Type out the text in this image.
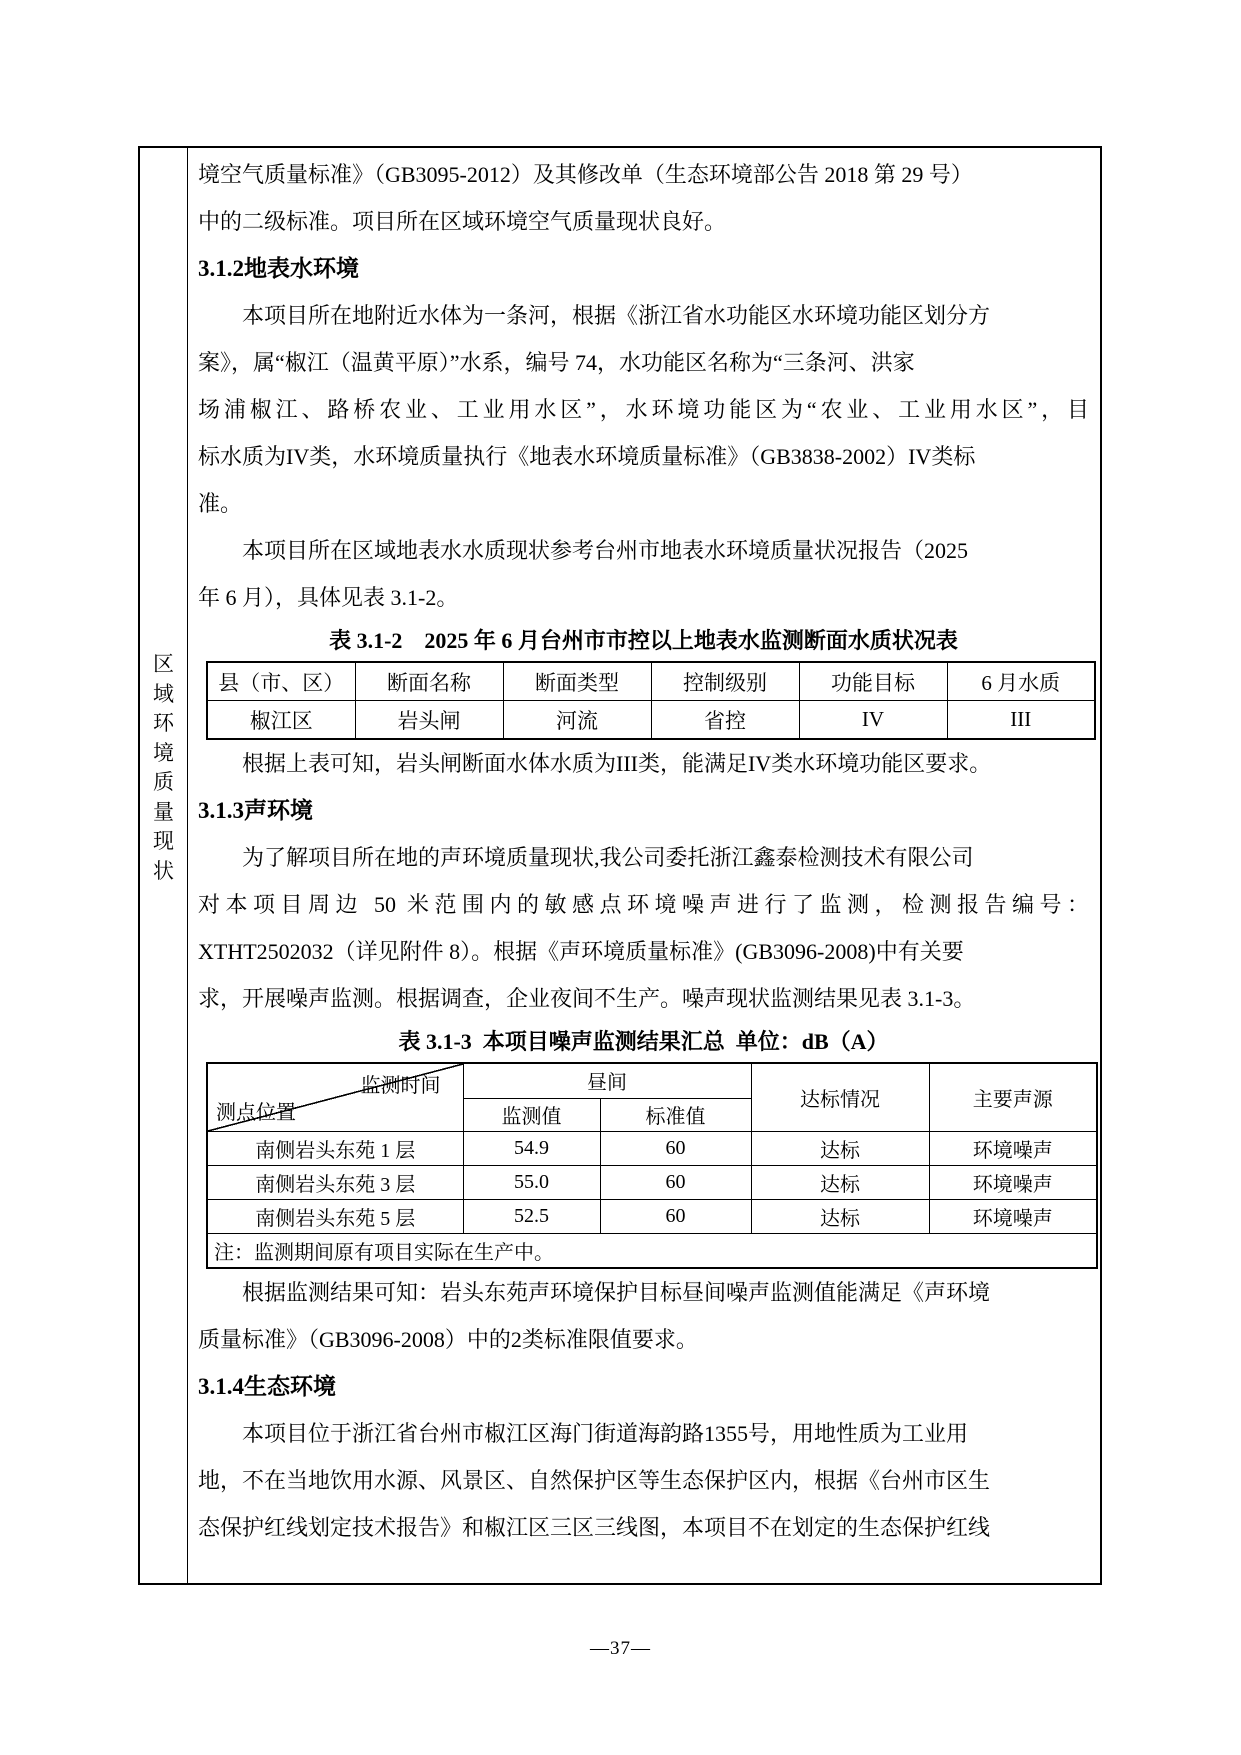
区域环境质量现状
境空气质量标准》（GB3095-2012）及其修改单（生态环境部公告 2018 第 29 号）
中的二级标准。项目所在区域环境空气质量现状良好。
3.1.2地表水环境
　　本项目所在地附近水体为一条河，根据《浙江省水功能区水环境功能区划分方
案》，属“椒江（温黄平原）”水系，编号 74，水功能区名称为“三条河、洪家
场浦椒江、路桥农业、工业用水区”，水环境功能区为“农业、工业用水区”，目
标水质为IV类，水环境质量执行《地表水环境质量标准》（GB3838-2002）IV类标
准。
　　本项目所在区域地表水水质现状参考台州市地表水环境质量状况报告（2025
年 6 月），具体见表 3.1-2。
表 3.1-2　2025 年 6 月台州市市控以上地表水监测断面水质状况表
县（市、区）	断面名称	断面类型	控制级别	功能目标	6 月水质
椒江区	岩头闸	河流	省控	IV	III
　　根据上表可知，岩头闸断面水体水质为III类，能满足IV类水环境功能区要求。
3.1.3声环境
　　为了解项目所在地的声环境质量现状,我公司委托浙江鑫泰检测技术有限公司
对本项目周边 50 米范围内的敏感点环境噪声进行了监测，检测报告编号：
XTHT2502032（详见附件 8）。根据《声环境质量标准》(GB3096-2008)中有关要
求，开展噪声监测。根据调查，企业夜间不生产。噪声现状监测结果见表 3.1-3。
表 3.1-3  本项目噪声监测结果汇总  单位：dB（A）
监测时间
测点位置	昼间		达标情况	主要声源
	监测值	标准值		
南侧岩头东苑 1 层	54.9	60	达标	环境噪声
南侧岩头东苑 3 层	55.0	60	达标	环境噪声
南侧岩头东苑 5 层	52.5	60	达标	环境噪声
注：监测期间原有项目实际在生产中。				
　　根据监测结果可知：岩头东苑声环境保护目标昼间噪声监测值能满足《声环境
质量标准》（GB3096-2008）中的2类标准限值要求。
3.1.4生态环境
　　本项目位于浙江省台州市椒江区海门街道海韵路1355号，用地性质为工业用
地，不在当地饮用水源、风景区、自然保护区等生态保护区内，根据《台州市区生
态保护红线划定技术报告》和椒江区三区三线图，本项目不在划定的生态保护红线
—37—
